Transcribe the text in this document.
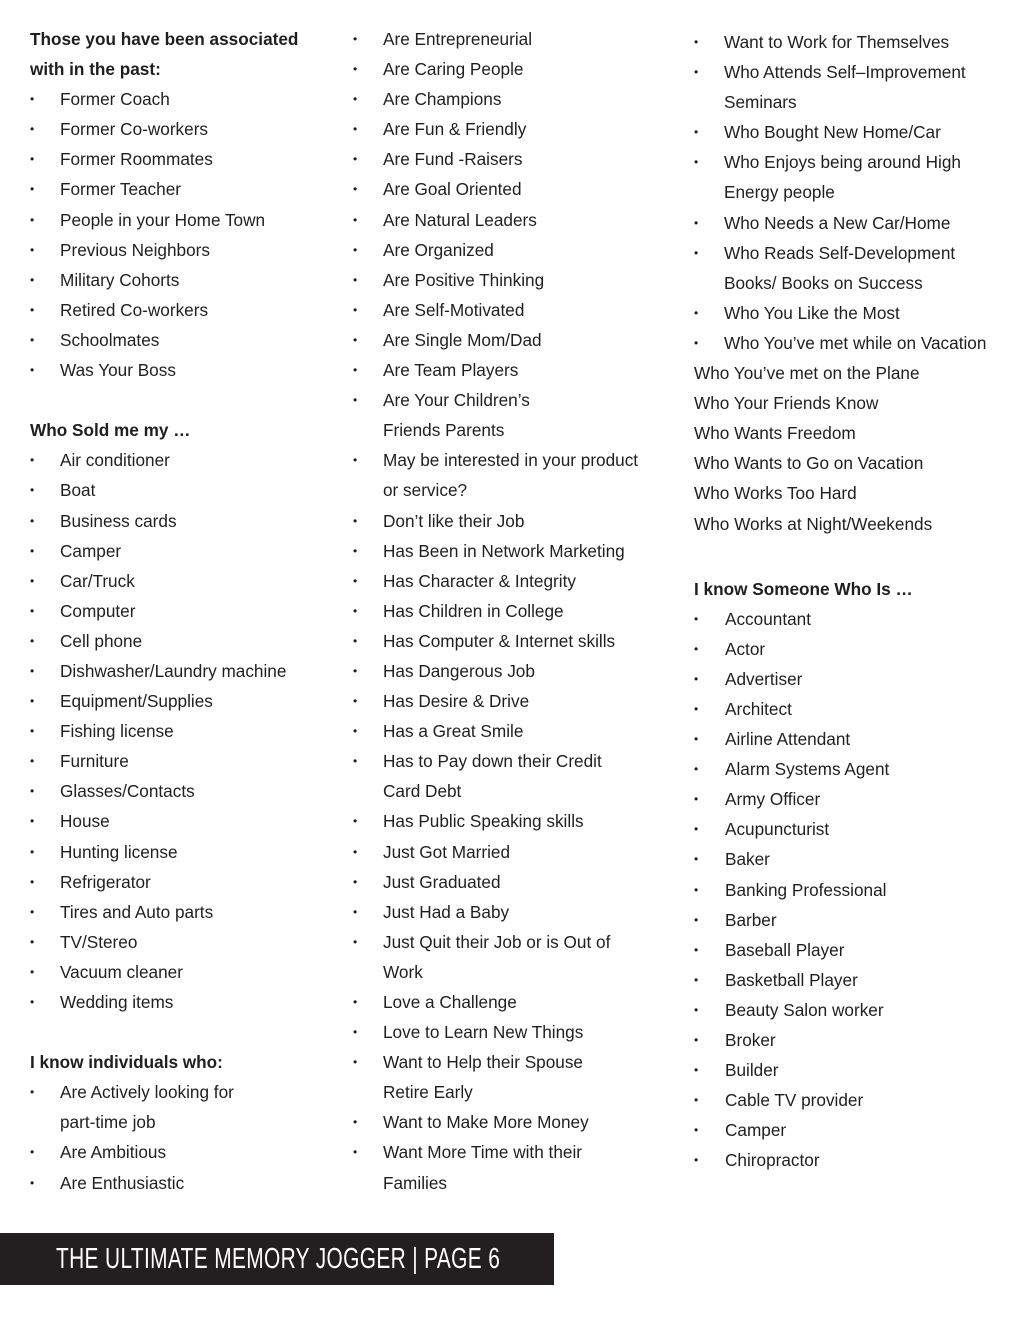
Those you have been associated
with in the past:
• Former Coach
• Former Co-workers
• Former Roommates
• Former Teacher
• People in your Home Town
• Previous Neighbors
• Military Cohorts
• Retired Co-workers
• Schoolmates
• Was Your Boss
Who Sold me my …
• Air conditioner
• Boat
• Business cards
• Camper
• Car/Truck
• Computer
• Cell phone
• Dishwasher/Laundry machine
• Equipment/Supplies
• Fishing license
• Furniture
• Glasses/Contacts
• House
• Hunting license
• Refrigerator
• Tires and Auto parts
• TV/Stereo
• Vacuum cleaner
• Wedding items
I know individuals who:
• Are Actively looking for
part-time job
• Are Ambitious
• Are Enthusiastic
• Are Entrepreneurial
• Are Caring People
• Are Champions
• Are Fun & Friendly
• Are Fund -Raisers
• Are Goal Oriented
• Are Natural Leaders
• Are Organized
• Are Positive Thinking
• Are Self-Motivated
• Are Single Mom/Dad
• Are Team Players
• Are Your Children’s
Friends Parents
• May be interested in your product
or service?
• Don’t like their Job
• Has Been in Network Marketing
• Has Character & Integrity
• Has Children in College
• Has Computer & Internet skills
• Has Dangerous Job
• Has Desire & Drive
• Has a Great Smile
• Has to Pay down their Credit
Card Debt
• Has Public Speaking skills
• Just Got Married
• Just Graduated
• Just Had a Baby
• Just Quit their Job or is Out of
Work
• Love a Challenge
• Love to Learn New Things
• Want to Help their Spouse
Retire Early
• Want to Make More Money
• Want More Time with their
Families
• Want to Work for Themselves
• Who Attends Self–Improvement
Seminars
• Who Bought New Home/Car
• Who Enjoys being around High
Energy people
• Who Needs a New Car/Home
• Who Reads Self-Development
Books/ Books on Success
• Who You Like the Most
• Who You’ve met while on Vacation
Who You’ve met on the Plane
Who Your Friends Know
Who Wants Freedom
Who Wants to Go on Vacation
Who Works Too Hard
Who Works at Night/Weekends
I know Someone Who Is …
• Accountant
• Actor
• Advertiser
• Architect
• Airline Attendant
• Alarm Systems Agent
• Army Officer
• Acupuncturist
• Baker
• Banking Professional
• Barber
• Baseball Player
• Basketball Player
• Beauty Salon worker
• Broker
• Builder
• Cable TV provider
• Camper
• Chiropractor
THE ULTIMATE MEMORY JOGGER | PAGE 6
